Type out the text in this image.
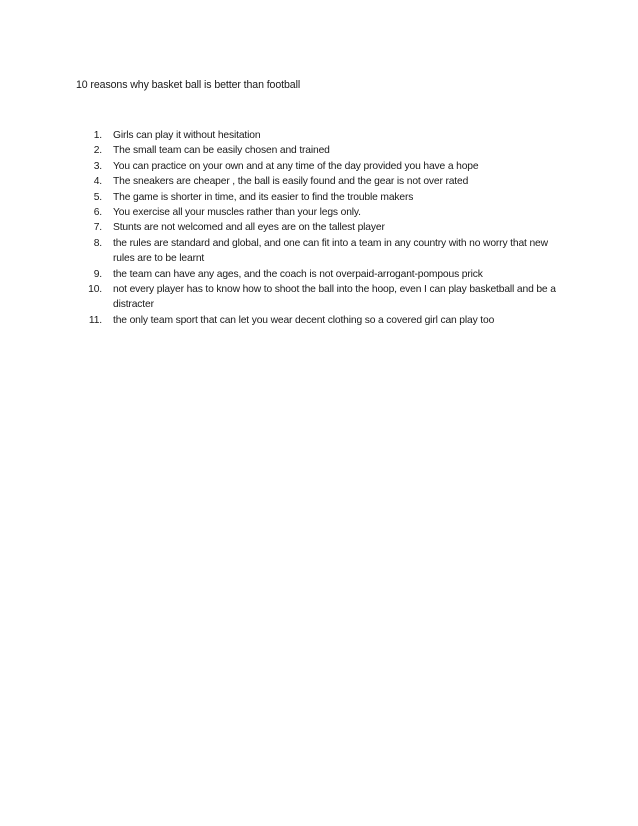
10 reasons why basket ball is better than football
1.	Girls can play it without hesitation
2.	The small team can be easily chosen and trained
3.	You can practice on your own and at any time of the day provided you have a hope
4.	The sneakers are cheaper , the ball is easily found and the gear is not over rated
5.	The game is shorter in time, and its easier to find the trouble makers
6.	You exercise all your muscles rather than your legs only.
7.	Stunts are not welcomed and all eyes are on the tallest player
8.	the rules are standard and global, and one can fit into a team in any country with no worry that new rules are to be learnt
9.	the team can have any ages, and the coach is not overpaid-arrogant-pompous prick
10.	not every player has to know how to shoot the ball into the hoop, even I can play basketball and be a distracter
11.	the only team sport that can let you wear decent clothing so a covered girl can play too
